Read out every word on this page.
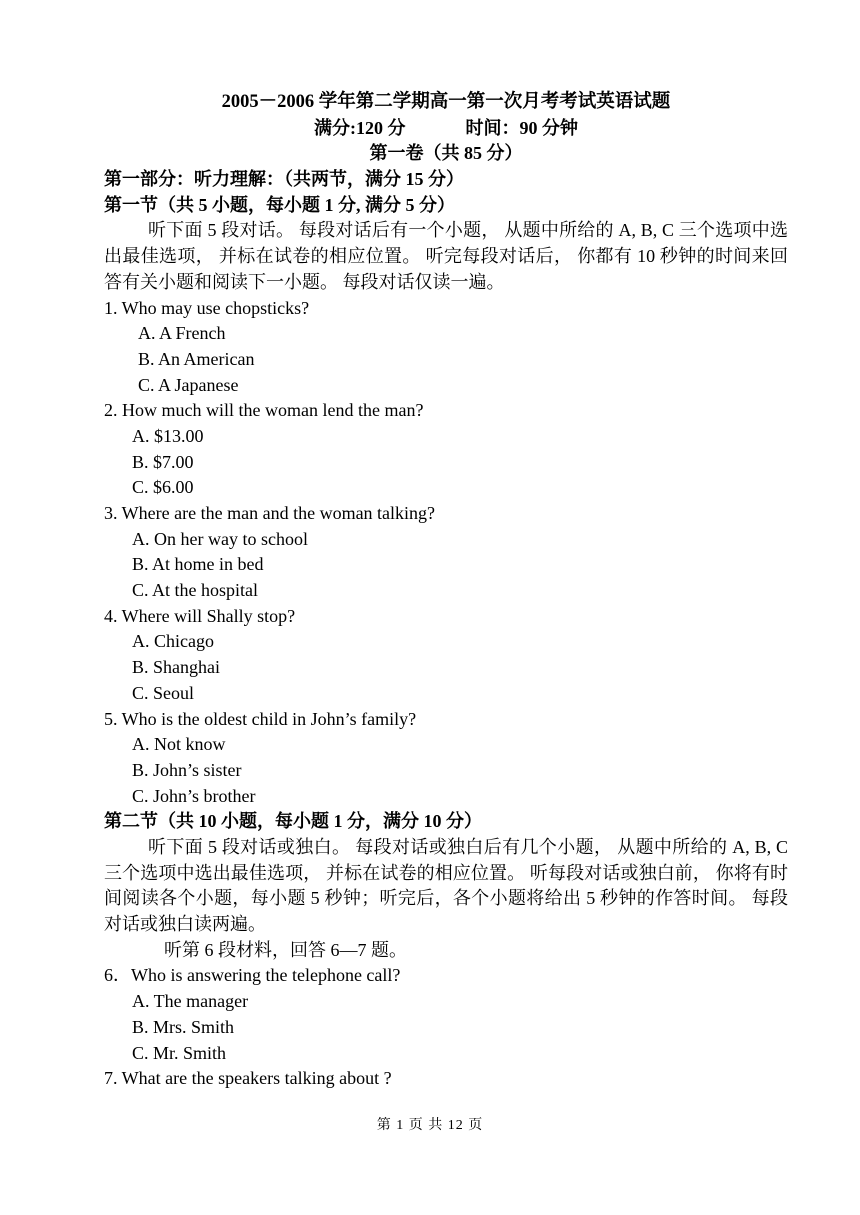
2005－2006 学年第二学期高一第一次月考考试英语试题
满分:120 分	时间：90 分钟
第一卷（共 85 分）
第一部分：听力理解：（共两节，满分 15 分）
第一节（共 5 小题，每小题 1 分, 满分 5 分）
听下面 5 段对话。 每段对话后有一个小题， 从题中所给的 A, B, C 三个选项中选出最佳选项， 并标在试卷的相应位置。 听完每段对话后， 你都有 10 秒钟的时间来回答有关小题和阅读下一小题。 每段对话仅读一遍。
1. Who may use chopsticks?
A. A French
B. An American
C. A Japanese
2. How much will the woman lend the man?
A. $13.00
B. $7.00
C. $6.00
3. Where are the man and the woman talking?
A. On her way to school
B. At home in bed
C. At the hospital
4. Where will Shally stop?
A. Chicago
B. Shanghai
C. Seoul
5. Who is the oldest child in John’s family?
A. Not know
B. John’s sister
C. John’s brother
第二节（共 10 小题，每小题 1 分，满分 10 分）
听下面 5 段对话或独白。 每段对话或独白后有几个小题， 从题中所给的 A, B, C 三个选项中选出最佳选项， 并标在试卷的相应位置。 听每段对话或独白前， 你将有时间阅读各个小题，每小题 5 秒钟；听完后，各个小题将给出 5 秒钟的作答时间。 每段对话或独白读两遍。
听第 6 段材料，回答 6—7 题。
6．Who is answering the telephone call?
A. The manager
B. Mrs. Smith
C. Mr. Smith
7. What are the speakers talking about ?
第 1 页 共 12 页
